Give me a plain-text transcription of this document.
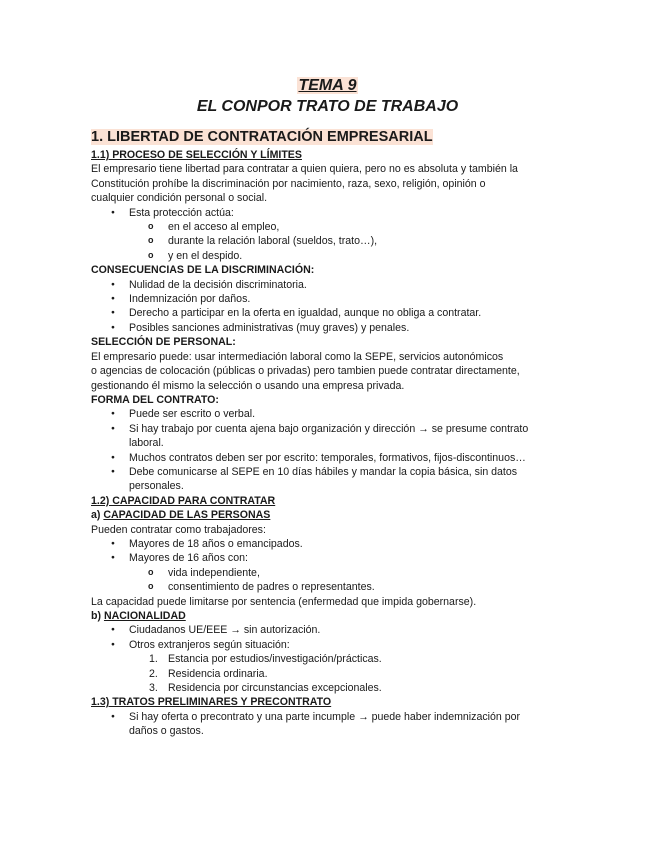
TEMA 9
EL CONPOR TRATO DE TRABAJO
1. LIBERTAD DE CONTRATACIÓN EMPRESARIAL
1.1) PROCESO DE SELECCIÓN Y LÍMITES
El empresario tiene libertad para contratar a quien quiera, pero no es absoluta y también la
Constitución prohíbe la discriminación por nacimiento, raza, sexo, religión, opinión o
cualquier condición personal o social.
● Esta protección actúa:
o en el acceso al empleo,
o durante la relación laboral (sueldos, trato…),
o y en el despido.
CONSECUENCIAS DE LA DISCRIMINACIÓN:
● Nulidad de la decisión discriminatoria.
● Indemnización por daños.
● Derecho a participar en la oferta en igualdad, aunque no obliga a contratar.
● Posibles sanciones administrativas (muy graves) y penales.
SELECCIÓN DE PERSONAL:
El empresario puede: usar intermediación laboral como la SEPE, servicios autonómicos
o agencias de colocación (públicas o privadas) pero tambien puede contratar directamente,
gestionando él mismo la selección o usando una empresa privada.
FORMA DEL CONTRATO:
● Puede ser escrito o verbal.
● Si hay trabajo por cuenta ajena bajo organización y dirección → se presume contrato
laboral.
● Muchos contratos deben ser por escrito: temporales, formativos, fijos-discontinuos…
● Debe comunicarse al SEPE en 10 días hábiles y mandar la copia básica, sin datos
personales.
1.2) CAPACIDAD PARA CONTRATAR
a) CAPACIDAD DE LAS PERSONAS
Pueden contratar como trabajadores:
● Mayores de 18 años o emancipados.
● Mayores de 16 años con:
o vida independiente,
o consentimiento de padres o representantes.
La capacidad puede limitarse por sentencia (enfermedad que impida gobernarse).
b) NACIONALIDAD
● Ciudadanos UE/EEE → sin autorización.
● Otros extranjeros según situación:
1. Estancia por estudios/investigación/prácticas.
2. Residencia ordinaria.
3. Residencia por circunstancias excepcionales.
1.3) TRATOS PRELIMINARES Y PRECONTRATO
● Si hay oferta o precontrato y una parte incumple → puede haber indemnización por
daños o gastos.
